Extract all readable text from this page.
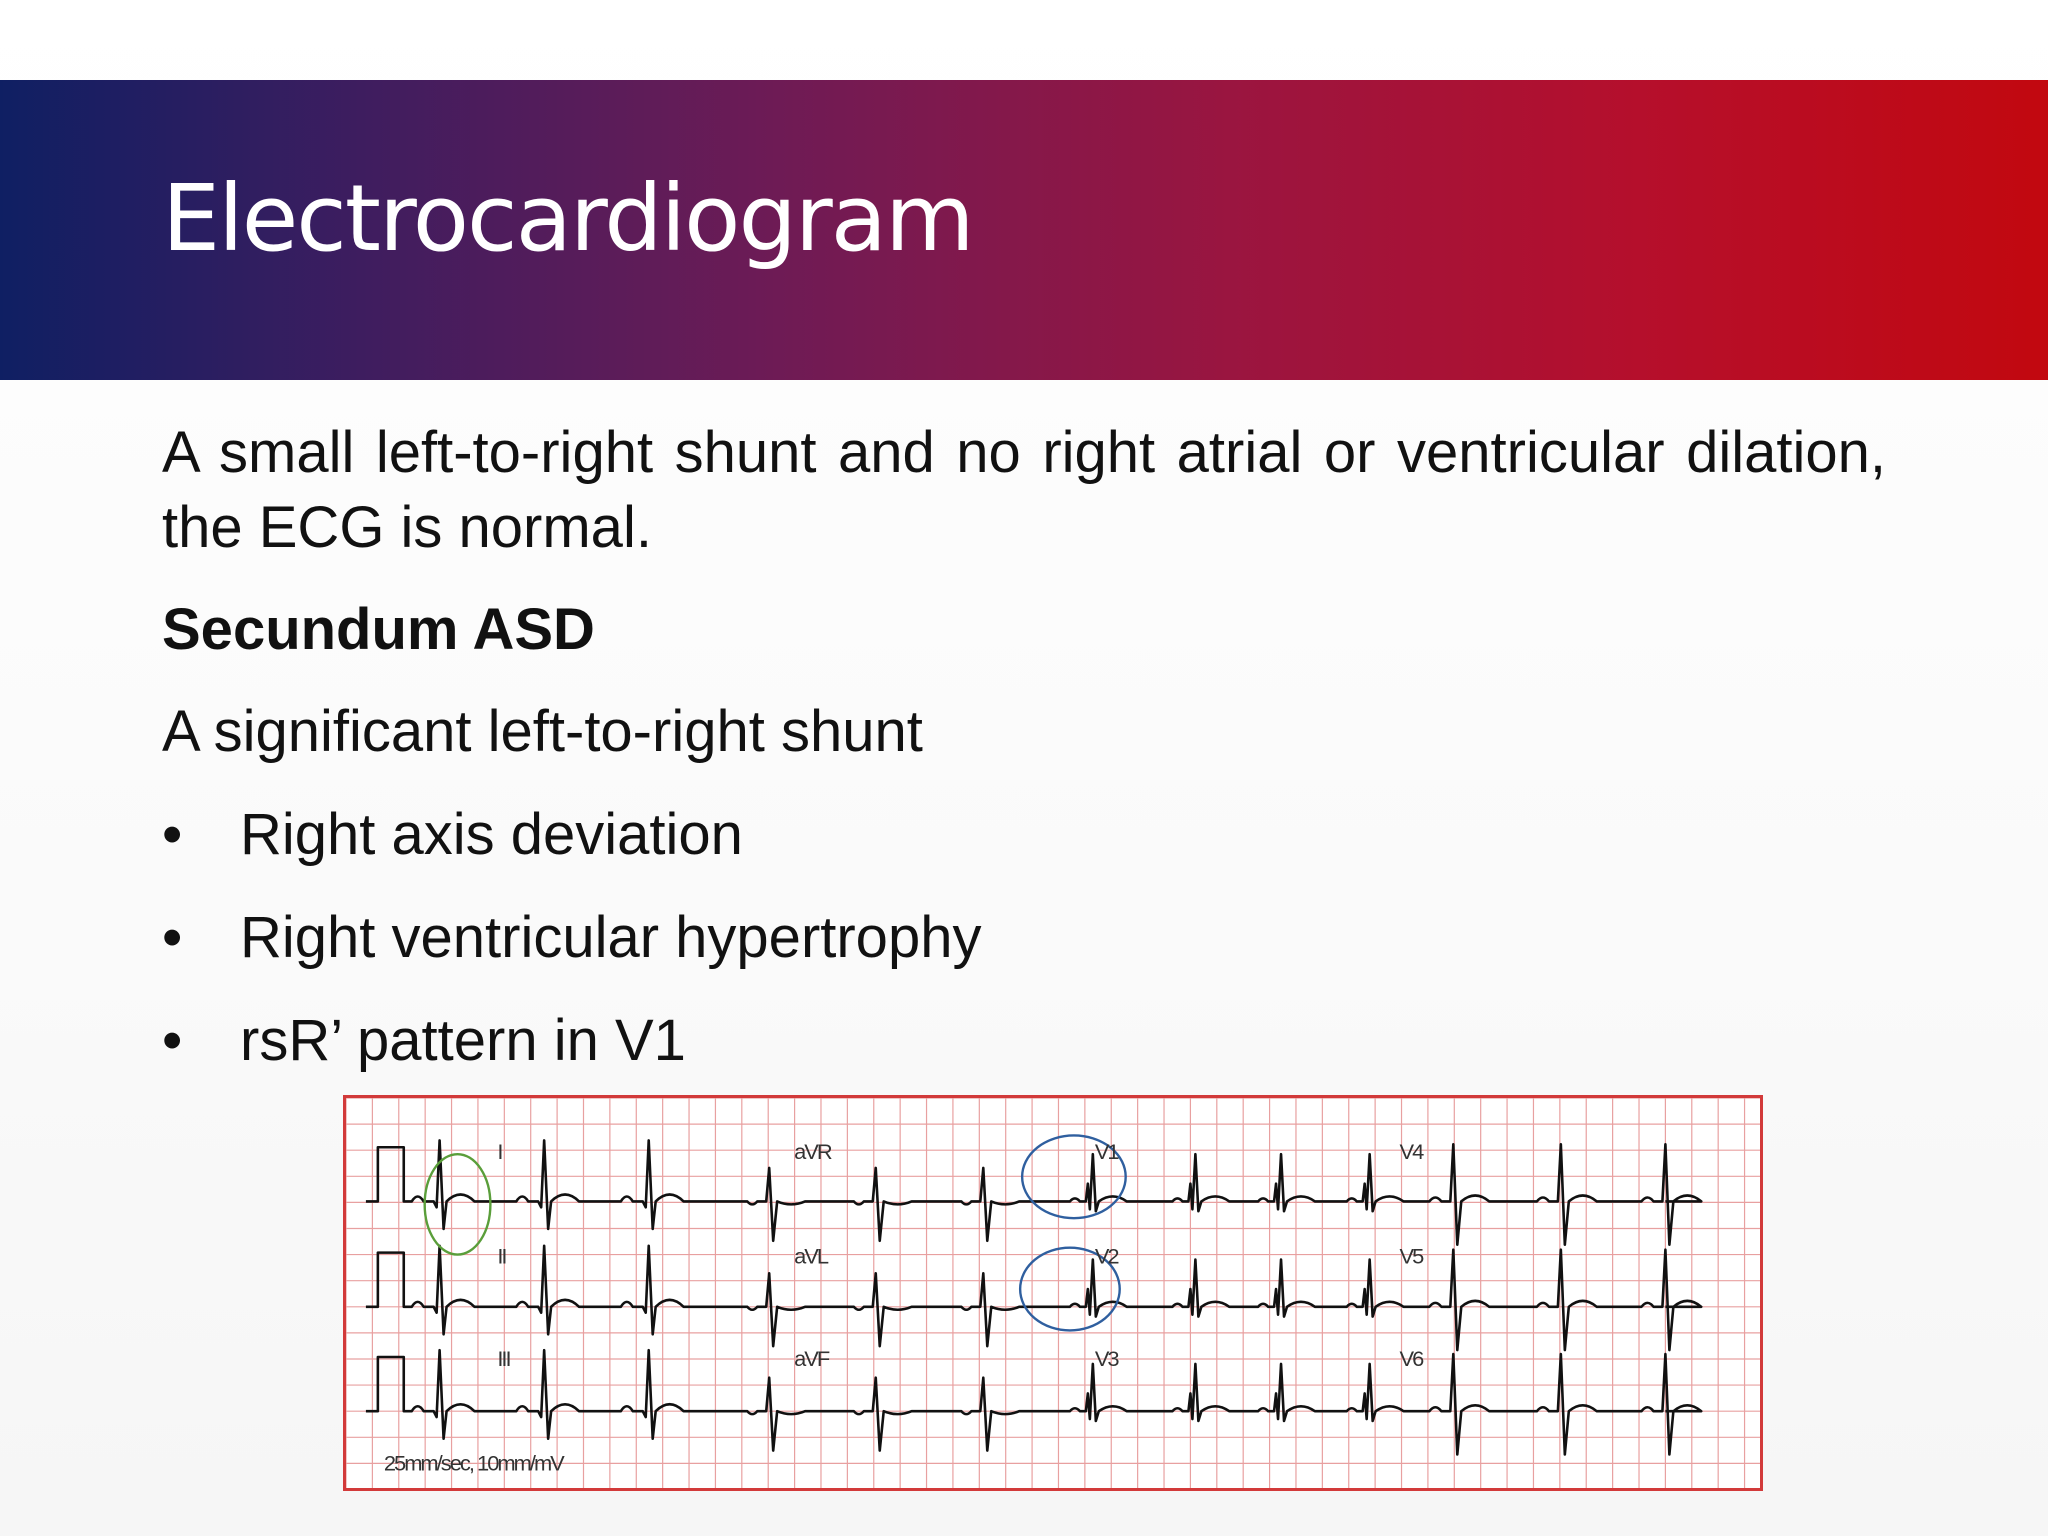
Electrocardiogram

A small left-to-right shunt and no right atrial or ventricular dilation, the ECG is normal.

Secundum ASD

A significant left-to-right shunt

• Right axis deviation
• Right ventricular hypertrophy
• rsR’ pattern in V1
I	aVR	V1	V4
II	aVL	V2	V5
III	aVF	V3	V6
25mm/sec, 10mm/mV
